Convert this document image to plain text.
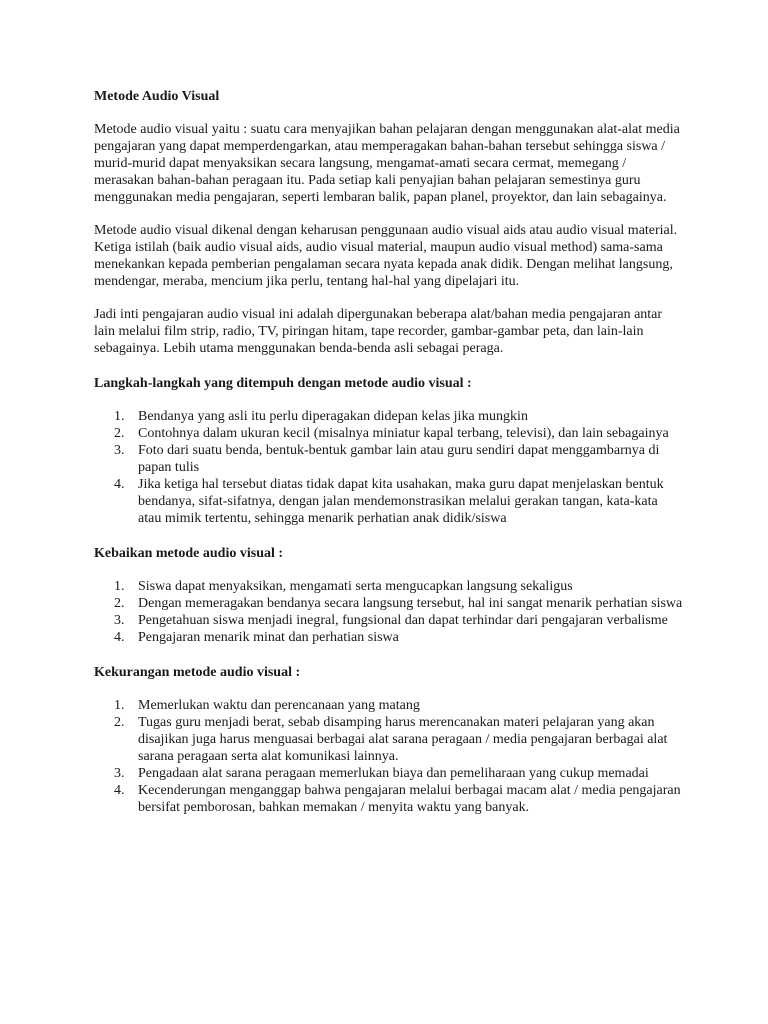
Metode Audio Visual

Metode audio visual yaitu : suatu cara menyajikan bahan pelajaran dengan menggunakan alat-alat media pengajaran yang dapat memperdengarkan, atau memperagakan bahan-bahan tersebut sehingga siswa / murid-murid dapat menyaksikan secara langsung, mengamat-amati secara cermat, memegang / merasakan bahan-bahan peragaan itu. Pada setiap kali penyajian bahan pelajaran semestinya guru menggunakan media pengajaran, seperti lembaran balik, papan planel, proyektor, dan lain sebagainya.

Metode audio visual dikenal dengan keharusan penggunaan audio visual aids atau audio visual material. Ketiga istilah (baik audio visual aids, audio visual material, maupun audio visual method) sama-sama menekankan kepada pemberian pengalaman secara nyata kepada anak didik. Dengan melihat langsung, mendengar, meraba, mencium jika perlu, tentang hal-hal yang dipelajari itu.

Jadi inti pengajaran audio visual ini adalah dipergunakan beberapa alat/bahan media pengajaran antar lain melalui film strip, radio, TV, piringan hitam, tape recorder, gambar-gambar peta, dan lain-lain sebagainya. Lebih utama menggunakan benda-benda asli sebagai peraga.

Langkah-langkah yang ditempuh dengan metode audio visual :

1. Bendanya yang asli itu perlu diperagakan didepan kelas jika mungkin
2. Contohnya dalam ukuran kecil (misalnya miniatur kapal terbang, televisi), dan lain sebagainya
3. Foto dari suatu benda, bentuk-bentuk gambar lain atau guru sendiri dapat menggambarnya di papan tulis
4. Jika ketiga hal tersebut diatas tidak dapat kita usahakan, maka guru dapat menjelaskan bentuk bendanya, sifat-sifatnya, dengan jalan mendemonstrasikan melalui gerakan tangan, kata-kata atau mimik tertentu, sehingga menarik perhatian anak didik/siswa

Kebaikan metode audio visual :

1. Siswa dapat menyaksikan, mengamati serta mengucapkan langsung sekaligus
2. Dengan memeragakan bendanya secara langsung tersebut, hal ini sangat menarik perhatian siswa
3. Pengetahuan siswa menjadi inegral, fungsional dan dapat terhindar dari pengajaran verbalisme
4. Pengajaran menarik minat dan perhatian siswa

Kekurangan metode audio visual :

1. Memerlukan waktu dan perencanaan yang matang
2. Tugas guru menjadi berat, sebab disamping harus merencanakan materi pelajaran yang akan disajikan juga harus menguasai berbagai alat sarana peragaan / media pengajaran berbagai alat sarana peragaan serta alat komunikasi lainnya.
3. Pengadaan alat sarana peragaan memerlukan biaya dan pemeliharaan yang cukup memadai
4. Kecenderungan menganggap bahwa pengajaran melalui berbagai macam alat / media pengajaran bersifat pemborosan, bahkan memakan / menyita waktu yang banyak.
